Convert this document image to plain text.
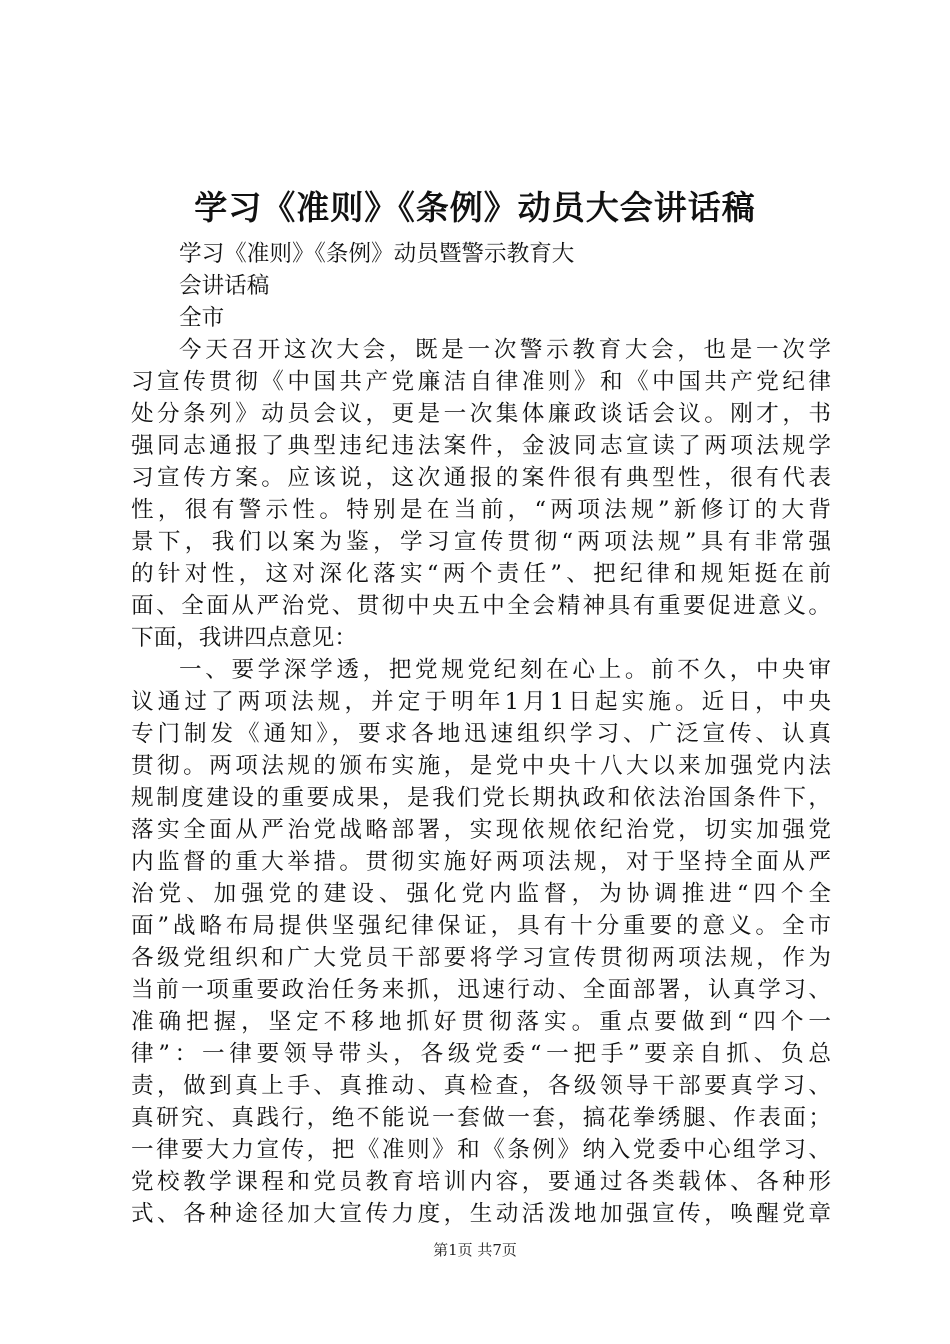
学习《准则》《条例》动员大会讲话稿
学习《准则》《条例》动员暨警示教育大
会讲话稿
全市
今天召开这次大会，既是一次警示教育大会，也是一次学
习宣传贯彻《中国共产党廉洁自律准则》和《中国共产党纪律
处分条列》动员会议，更是一次集体廉政谈话会议。刚才，书
强同志通报了典型违纪违法案件，金波同志宣读了两项法规学
习宣传方案。应该说，这次通报的案件很有典型性，很有代表
性，很有警示性。特别是在当前，“两项法规”新修订的大背
景下，我们以案为鉴，学习宣传贯彻“两项法规”具有非常强
的针对性，这对深化落实“两个责任”、把纪律和规矩挺在前
面、全面从严治党、贯彻中央五中全会精神具有重要促进意义。
下面，我讲四点意见：
一、要学深学透，把党规党纪刻在心上。前不久，中央审
议通过了两项法规，并定于明年1月1日起实施。近日，中央
专门制发《通知》，要求各地迅速组织学习、广泛宣传、认真
贯彻。两项法规的颁布实施，是党中央十八大以来加强党内法
规制度建设的重要成果，是我们党长期执政和依法治国条件下，
落实全面从严治党战略部署，实现依规依纪治党，切实加强党
内监督的重大举措。贯彻实施好两项法规，对于坚持全面从严
治党、加强党的建设、强化党内监督，为协调推进“四个全
面”战略布局提供坚强纪律保证，具有十分重要的意义。全市
各级党组织和广大党员干部要将学习宣传贯彻两项法规，作为
当前一项重要政治任务来抓，迅速行动、全面部署，认真学习、
准确把握，坚定不移地抓好贯彻落实。重点要做到“四个一
律”：一律要领导带头，各级党委“一把手”要亲自抓、负总
责，做到真上手、真推动、真检查，各级领导干部要真学习、
真研究、真践行，绝不能说一套做一套，搞花拳绣腿、作表面；
一律要大力宣传，把《准则》和《条例》纳入党委中心组学习、
党校教学课程和党员教育培训内容，要通过各类载体、各种形
式、各种途径加大宣传力度，生动活泼地加强宣传，唤醒党章
第1页 共7页
